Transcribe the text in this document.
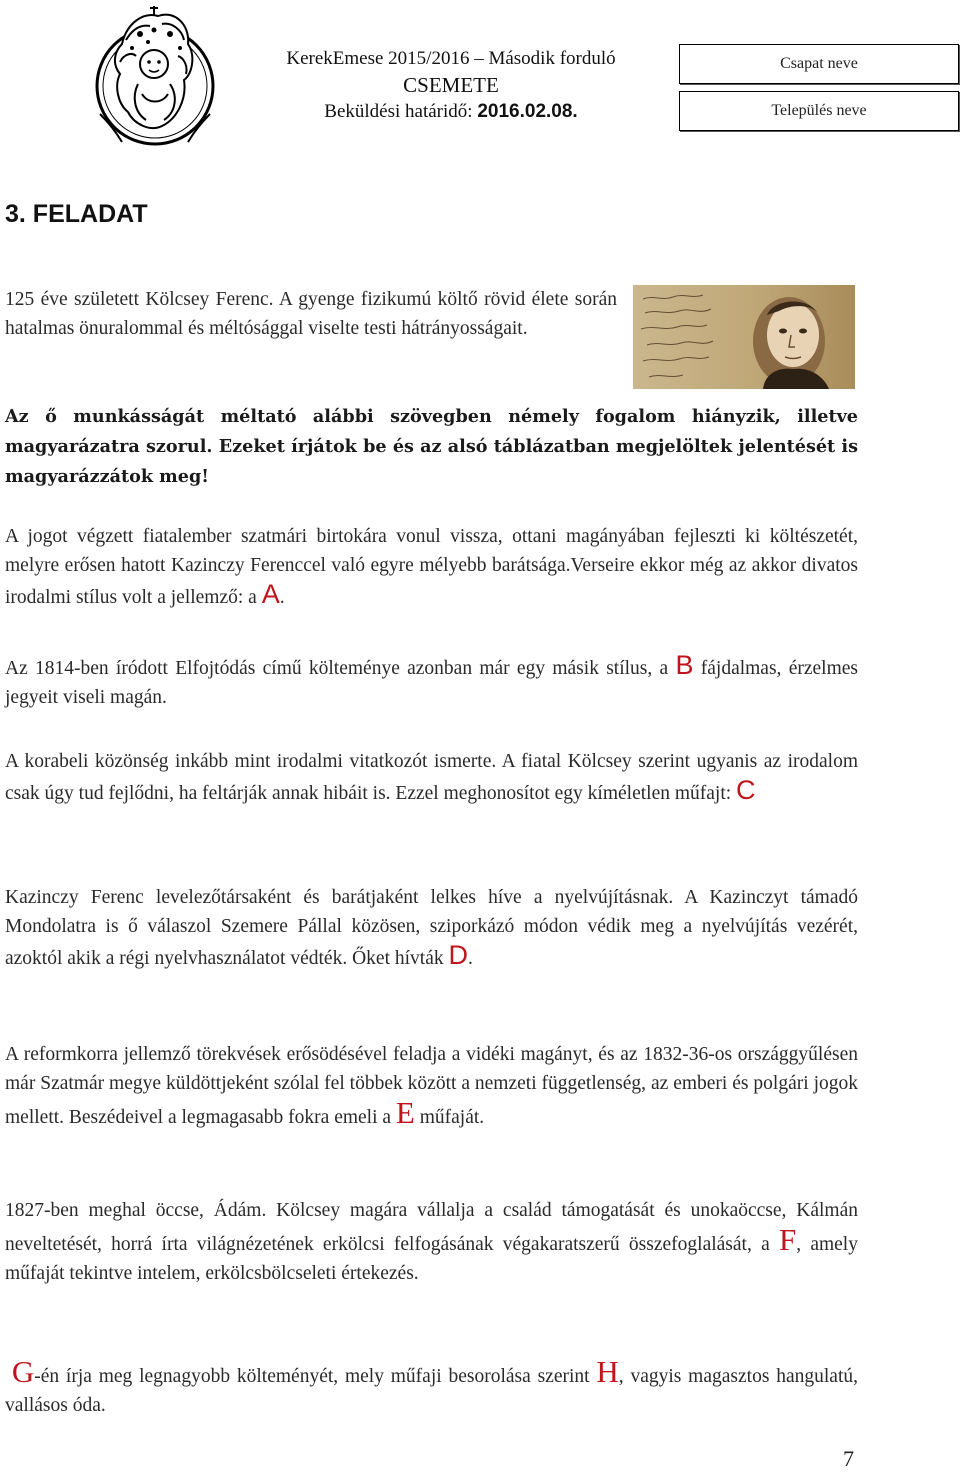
KerekEmese 2015/2016 – Második forduló
CSEMETE
Beküldési határidő: 2016.02.08.
Csapat neve
Település neve
3. FELADAT

125 éve született Kölcsey Ferenc. A gyenge fizikumú költő rövid élete során hatalmas önuralommal és méltósággal viselte testi hátrányosságait.

Az ő munkásságát méltató alábbi szövegben némely fogalom hiányzik, illetve magyarázatra szorul. Ezeket írjátok be és az alsó táblázatban megjelöltek jelentését is magyarázzátok meg!

A jogot végzett fiatalember szatmári birtokára vonul vissza, ottani magányában fejleszti ki költészetét, melyre erősen hatott Kazinczy Ferenccel való egyre mélyebb barátsága.Verseire ekkor még az akkor divatos irodalmi stílus volt a jellemző: a A.

Az 1814-ben íródott Elfojtódás című költeménye azonban már egy másik stílus, a B fájdalmas, érzelmes jegyeit viseli magán.

A korabeli közönség inkább mint irodalmi vitatkozót ismerte. A fiatal Kölcsey szerint ugyanis az irodalom csak úgy tud fejlődni, ha feltárják annak hibáit is. Ezzel meghonosítot egy kíméletlen műfajt: C

Kazinczy Ferenc levelezőtársaként és barátjaként lelkes híve a nyelvújításnak. A Kazinczyt támadó Mondolatra is ő válaszol Szemere Pállal közösen, sziporkázó módon védik meg a nyelvújítás vezérét, azoktól akik a régi nyelvhasználatot védték. Őket hívták D.

A reformkorra jellemző törekvések erősödésével feladja a vidéki magányt, és az 1832-36-os országgyűlésen már Szatmár megye küldöttjeként szólal fel többek között a nemzeti függetlenség, az emberi és polgári jogok mellett. Beszédeivel a legmagasabb fokra emeli a E műfaját.

1827-ben meghal öccse, Ádám. Kölcsey magára vállalja a család támogatását és unokaöccse, Kálmán neveltetését, horrá írta világnézetének erkölcsi felfogásának végakaratszerű összefoglalását, a F, amely műfaját tekintve intelem, erkölcsbölcseleti értekezés.

G-én írja meg legnagyobb költeményét, mely műfaji besorolása szerint H, vagyis magasztos hangulatú, vallásos óda.

7
